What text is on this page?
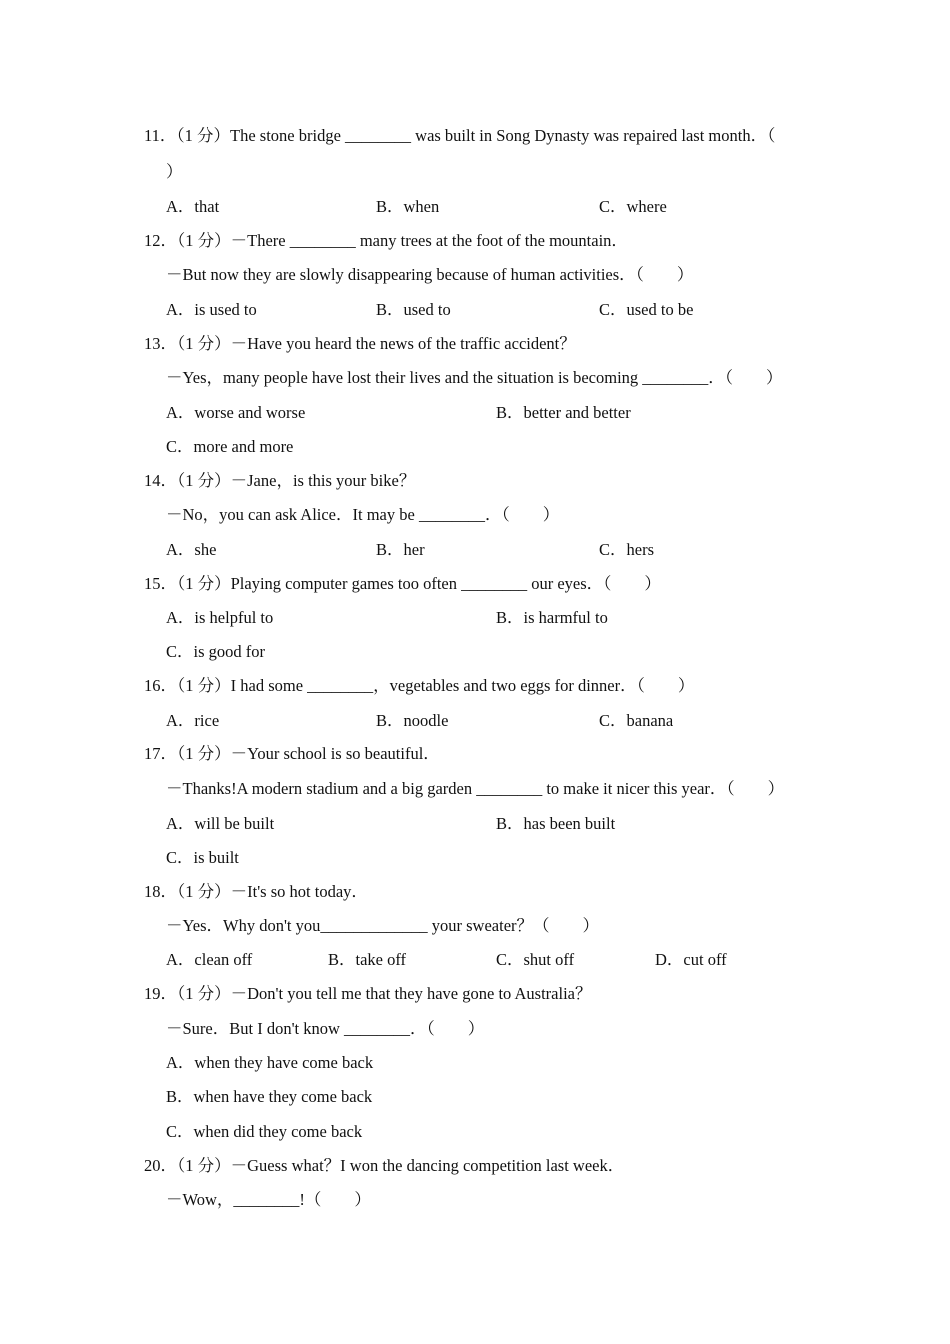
11．（1 分）The stone bridge ________ was built in Song Dynasty was repaired last month．（
）
A．that	B．when	C．where
12．（1 分）－There ________ many trees at the foot of the mountain．
－But now they are slowly disappearing because of human activities．（　　）
A．is used to	B．used to	C．used to be
13．（1 分）－Have you heard the news of the traffic accident？
－Yes，many people have lost their lives and the situation is becoming ________．（　　）
A．worse and worse	B．better and better
C．more and more
14．（1 分）－Jane，is this your bike？
－No，you can ask Alice．It may be ________．（　　）
A．she	B．her	C．hers
15．（1 分）Playing computer games too often ________ our eyes．（　　）
A．is helpful to	B．is harmful to
C．is good for
16．（1 分）I had some ________，vegetables and two eggs for dinner．（　　）
A．rice	B．noodle	C．banana
17．（1 分）－Your school is so beautiful．
－Thanks!A modern stadium and a big garden ________ to make it nicer this year．（　　）
A．will be built	B．has been built
C．is built
18．（1 分）－It's so hot today．
－Yes．Why don't you_____________ your sweater？（　　）
A．clean off	B．take off	C．shut off	D．cut off
19．（1 分）－Don't you tell me that they have gone to Australia？
－Sure．But I don't know ________．（　　）
A．when they have come back
B．when have they come back
C．when did they come back
20．（1 分）－Guess what？I won the dancing competition last week．
－Wow，________!（　　）
